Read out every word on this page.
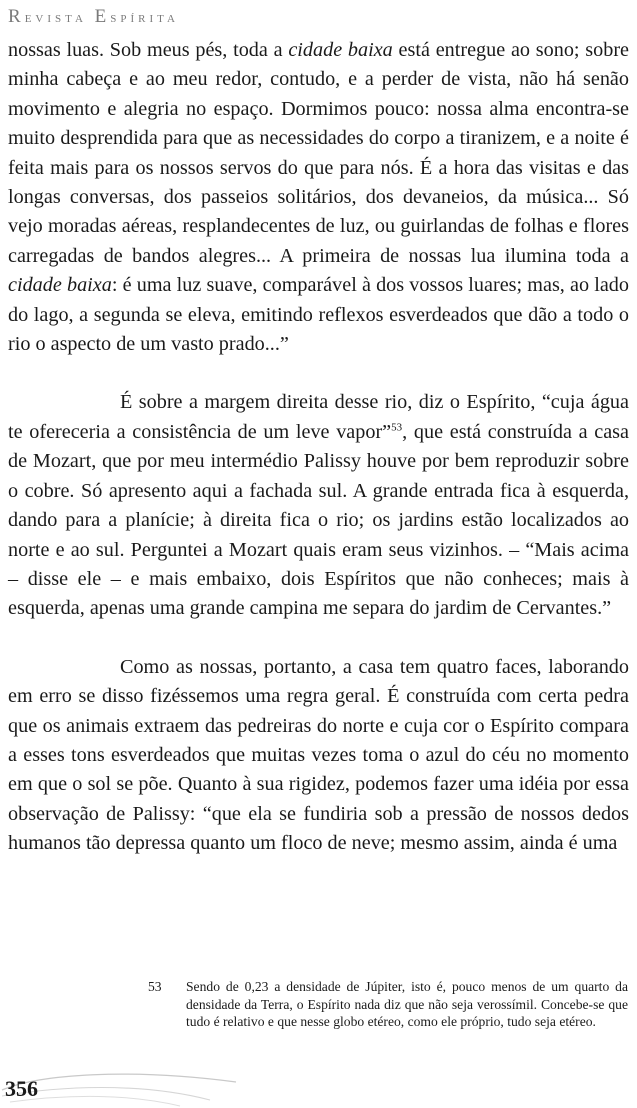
Revista Espírita

nossas luas. Sob meus pés, toda a cidade baixa está entregue ao sono; sobre minha cabeça e ao meu redor, contudo, e a perder de vista, não há senão movimento e alegria no espaço. Dormimos pouco: nossa alma encontra-se muito desprendida para que as necessidades do corpo a tiranizem, e a noite é feita mais para os nossos servos do que para nós. É a hora das visitas e das longas conversas, dos passeios solitários, dos devaneios, da música... Só vejo moradas aéreas, resplandecentes de luz, ou guirlandas de folhas e flores carregadas de bandos alegres... A primeira de nossas lua ilumina toda a cidade baixa: é uma luz suave, comparável à dos vossos luares; mas, ao lado do lago, a segunda se eleva, emitindo reflexos esverdeados que dão a todo o rio o aspecto de um vasto prado...”

É sobre a margem direita desse rio, diz o Espírito, “cuja água te ofereceria a consistência de um leve vapor”$^{53}$, que está construída a casa de Mozart, que por meu intermédio Palissy houve por bem reproduzir sobre o cobre. Só apresento aqui a fachada sul. A grande entrada fica à esquerda, dando para a planície; à direita fica o rio; os jardins estão localizados ao norte e ao sul. Perguntei a Mozart quais eram seus vizinhos. – “Mais acima – disse ele – e mais embaixo, dois Espíritos que não conheces; mais à esquerda, apenas uma grande campina me separa do jardim de Cervantes.”

Como as nossas, portanto, a casa tem quatro faces, laborando em erro se disso fizéssemos uma regra geral. É construída com certa pedra que os animais extraem das pedreiras do norte e cuja cor o Espírito compara a esses tons esverdeados que muitas vezes toma o azul do céu no momento em que o sol se põe. Quanto à sua rigidez, podemos fazer uma idéia por essa observação de Palissy: “que ela se fundiria sob a pressão de nossos dedos humanos tão depressa quanto um floco de neve; mesmo assim, ainda é uma

53	Sendo de 0,23 a densidade de Júpiter, isto é, pouco menos de um quarto da densidade da Terra, o Espírito nada diz que não seja verossímil. Concebe-se que tudo é relativo e que nesse globo etéreo, como ele próprio, tudo seja etéreo.
356
